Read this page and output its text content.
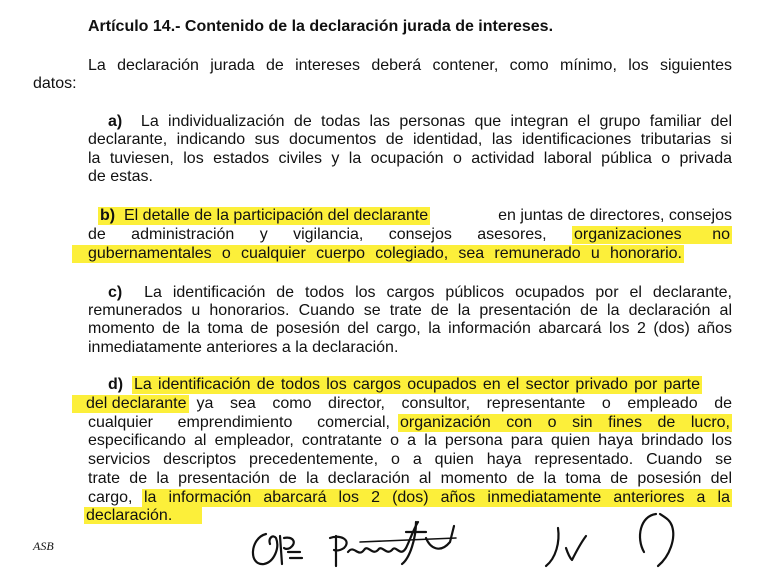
Artículo 14.- Contenido de la declaración jurada de intereses.
La declaración jurada de intereses deberá contener, como mínimo, los siguientes
datos:
a) La individualización de todas las personas que integran el grupo familiar del
declarante, indicando sus documentos de identidad, las identificaciones tributarias si
la tuviesen, los estados civiles y la ocupación o actividad laboral pública o privada
de estas.
b) El detalle de la participación del declarante	en juntas de directores, consejos
de administración y vigilancia, consejos asesores, organizaciones no
gubernamentales o cualquier cuerpo colegiado, sea remunerado u honorario.
c) La identificación de todos los cargos públicos ocupados por el declarante,
remunerados u honorarios. Cuando se trate de la presentación de la declaración al
momento de la toma de posesión del cargo, la información abarcará los 2 (dos) años
inmediatamente anteriores a la declaración.
d) La identificación de todos los cargos ocupados en el sector privado por parte
del declarante ya sea como director, consultor, representante o empleado de
cualquier emprendimiento comercial, organización con o sin fines de lucro,
especificando al empleador, contratante o a la persona para quien haya brindado los
servicios descriptos precedentemente, o a quien haya representado. Cuando se
trate de la presentación de la declaración al momento de la toma de posesión del
cargo, la información abarcará los 2 (dos) años inmediatamente anteriores a la
declaración.
ASB
